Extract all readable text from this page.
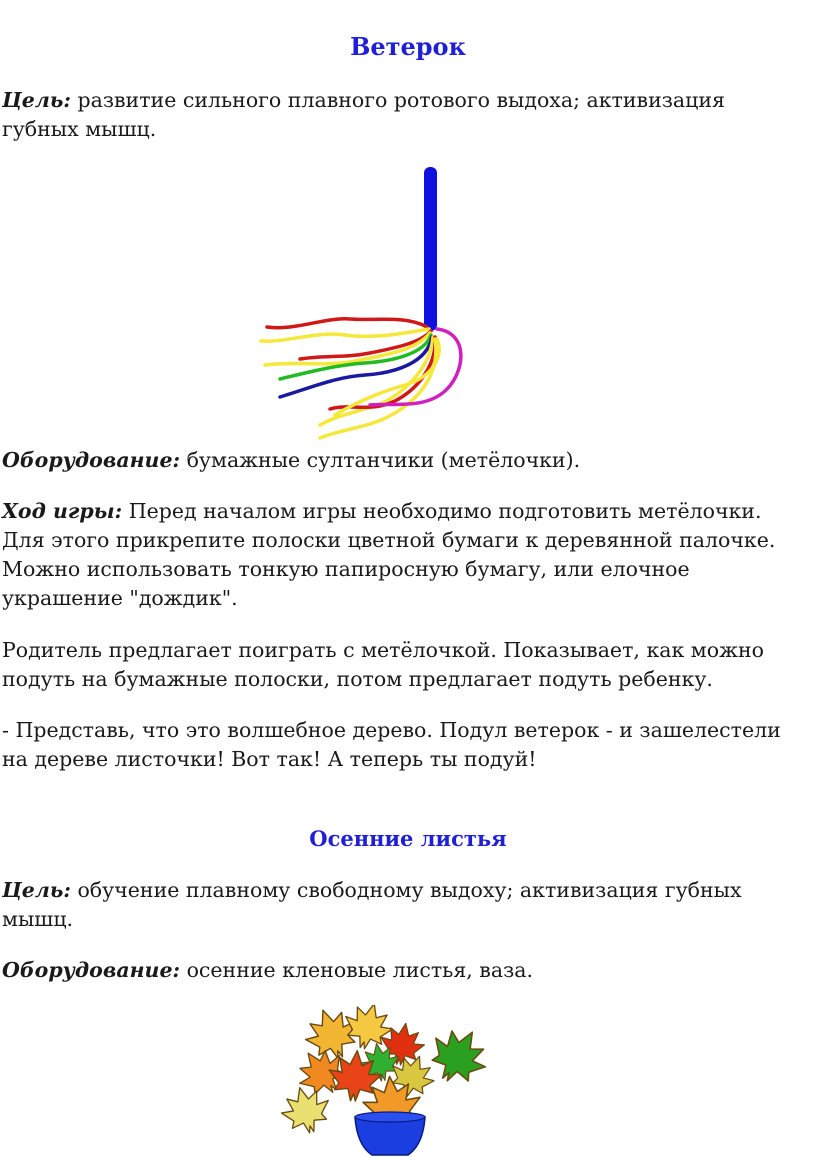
Ветерок

Цель: развитие сильного плавного ротового выдоха; активизация губных мышц.

Оборудование: бумажные султанчики (метёлочки).

Ход игры: Перед началом игры необходимо подготовить метёлочки. Для этого прикрепите полоски цветной бумаги к деревянной палочке. Можно использовать тонкую папиросную бумагу, или елочное украшение "дождик".

Родитель предлагает поиграть с метёлочкой. Показывает, как можно подуть на бумажные полоски, потом предлагает подуть ребенку.

- Представь, что это волшебное дерево. Подул ветерок - и зашелестели на дереве листочки! Вот так! А теперь ты подуй!

Осенние листья

Цель: обучение плавному свободному выдоху; активизация губных мышц.

Оборудование: осенние кленовые листья, ваза.
